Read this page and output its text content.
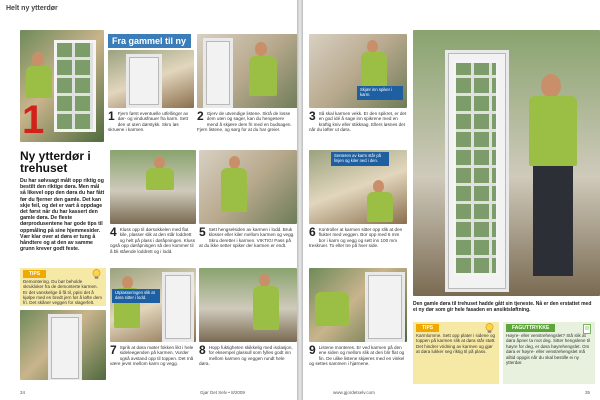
Helt ny ytterdør
1
Fra gammel til ny
1 Fjern først eventuelle utfellinger av dør- og vindusfrauer fra karm. Sett den ut uten dørstykk. Skru løs skruene i karmen.
2 Gjerv de utvendige listene. Skrå de losse dem uten og sager, kan du hengesere mend å skjære dem fri med en budsagen. Fjern listene, og sørg for at du har greier.
Ny ytterdør i trehuset
Du har sølvsagt målt opp riktig og bestilt den riktige døra. Men mål så likevel opp den døra du har fått før du fjerner den gamle. Det kan skje feil, og det er vart å oppdage det først når du har kassert den gamle døra. De fleste dørprodusentene har gode tips til oppmåling på sine hjemmesider. Vær klar over at døra er tung å håndtere og at den av samme grunn krever godt feste.
4 Kluss opp til dørsokkelen med flat kile, plasser slik at den står loddrett og helt på plass i døråpningen. Kluss også opp døråpningen så den kommer til å bli stående loddrett og i lodd.
5 Sett hengselsiden av karmen i lodd. Bruk klosser eller kiler mellom karmen og vegg. Skru deretter i karmen. VIKTIG! Pass på at du ikke setter spiker der karmen er endt.
TIPS
Demontering. Du bør beholde skrukloker fra de demonterte karmen. Er det vanskelige å få til, ppisi det å kjølpe med en bredt jern før å løfte dem fri. Det skåner veggen for slagerfelt.
Utplasseringen slik at døra sitter i lodd.
7 Sprik at døra møter fokken likt i hele sideleegenden på karmen. Vurder også avstand opp til toppen. Det må være jevnt mellom karm og vegg.
8 Hopp fuktigheten skikkelig med isolasjon, for eksempel glassull som fylles godt inn mellom karmen og veggen rundt hele døra.
34	Gjør Det Selv • 8/2009
Skjær inn spiker i karm.
3 Så skal karmen vekk. Er den spikret, er det en god idé å sage inn spikrene med en kraftig kniv eller stikksag. Ellers løsnes det når du løfter ut døra.
Senteren av karm står på linjen og kiler ned i den.
6 Kontroller at karmen sitter opp slik at den flukter med veggen. Bor opp med 6 mm bor i karm og vegg og sett inn 100 mm treskruer. To eller tre på hver side.
9 Listene monteres. Er ved karmen på den ene siden og mellom slik at den blir flat og fin. De ulike listene skjæres med en vinkel og settes sammen i hjørnene.
Den gamle døra til trehuset hadde gått sin tjeneste. Nå er den erstattet med ei ny dør som gir hele fasaden en ansiktsløftning.
TIPS
Karmlomme. Sett opp plater i sidene og toppen på karmen slik at døra står støtt. Det hindrer vridning av karmen og gjør at døra lukker seg riktig til på plass.
FAGUTTRYKKE
Høyre- eller venstrehengslet? Stå slik at døra åpner ta mot deg. Sitter hengslene til høyre for deg, er døra høyrehengslet. Om døra er høyre- eller venstrehengslet må alltid oppgis når du skal bestille ei ny ytterdør.
www.gjordetselv.com	35
